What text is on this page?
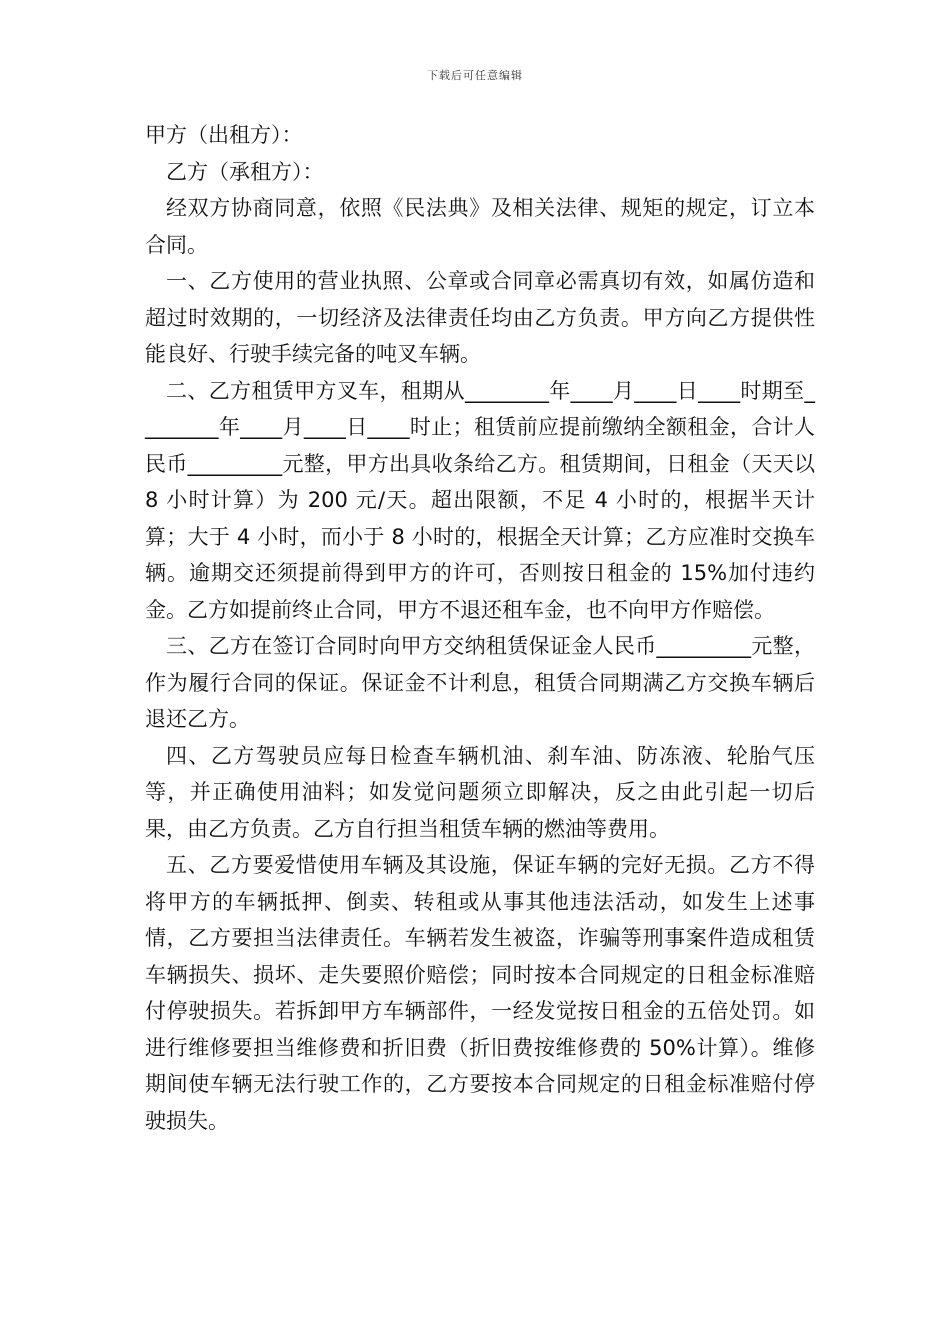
下载后可任意编辑

甲方（出租方）：

乙方（承租方）：

经双方协商同意，依照《民法典》及相关法律、规矩的规定，订立本合同。

一、乙方使用的营业执照、公章或合同章必需真切有效，如属仿造和超过时效期的，一切经济及法律责任均由乙方负责。甲方向乙方提供性能良好、行驶手续完备的吨叉车辆。

二、乙方租赁甲方叉车，租期从________年____月____日____时期至________年____月____日____时止；租赁前应提前缴纳全额租金，合计人民币_________元整，甲方出具收条给乙方。租赁期间，日租金（天天以 8 小时计算）为 200 元/天。超出限额，不足 4 小时的，根据半天计算；大于 4 小时，而小于 8 小时的，根据全天计算；乙方应准时交换车辆。逾期交还须提前得到甲方的许可，否则按日租金的 15%加付违约金。乙方如提前终止合同，甲方不退还租车金，也不向甲方作赔偿。

三、乙方在签订合同时向甲方交纳租赁保证金人民币_________元整，作为履行合同的保证。保证金不计利息，租赁合同期满乙方交换车辆后退还乙方。

四、乙方驾驶员应每日检查车辆机油、刹车油、防冻液、轮胎气压等，并正确使用油料；如发觉问题须立即解决，反之由此引起一切后果，由乙方负责。乙方自行担当租赁车辆的燃油等费用。

五、乙方要爱惜使用车辆及其设施，保证车辆的完好无损。乙方不得将甲方的车辆抵押、倒卖、转租或从事其他违法活动，如发生上述事情，乙方要担当法律责任。车辆若发生被盗，诈骗等刑事案件造成租赁车辆损失、损坏、走失要照价赔偿；同时按本合同规定的日租金标准赔付停驶损失。若拆卸甲方车辆部件，一经发觉按日租金的五倍处罚。如进行维修要担当维修费和折旧费（折旧费按维修费的 50%计算）。维修期间使车辆无法行驶工作的，乙方要按本合同规定的日租金标准赔付停驶损失。
